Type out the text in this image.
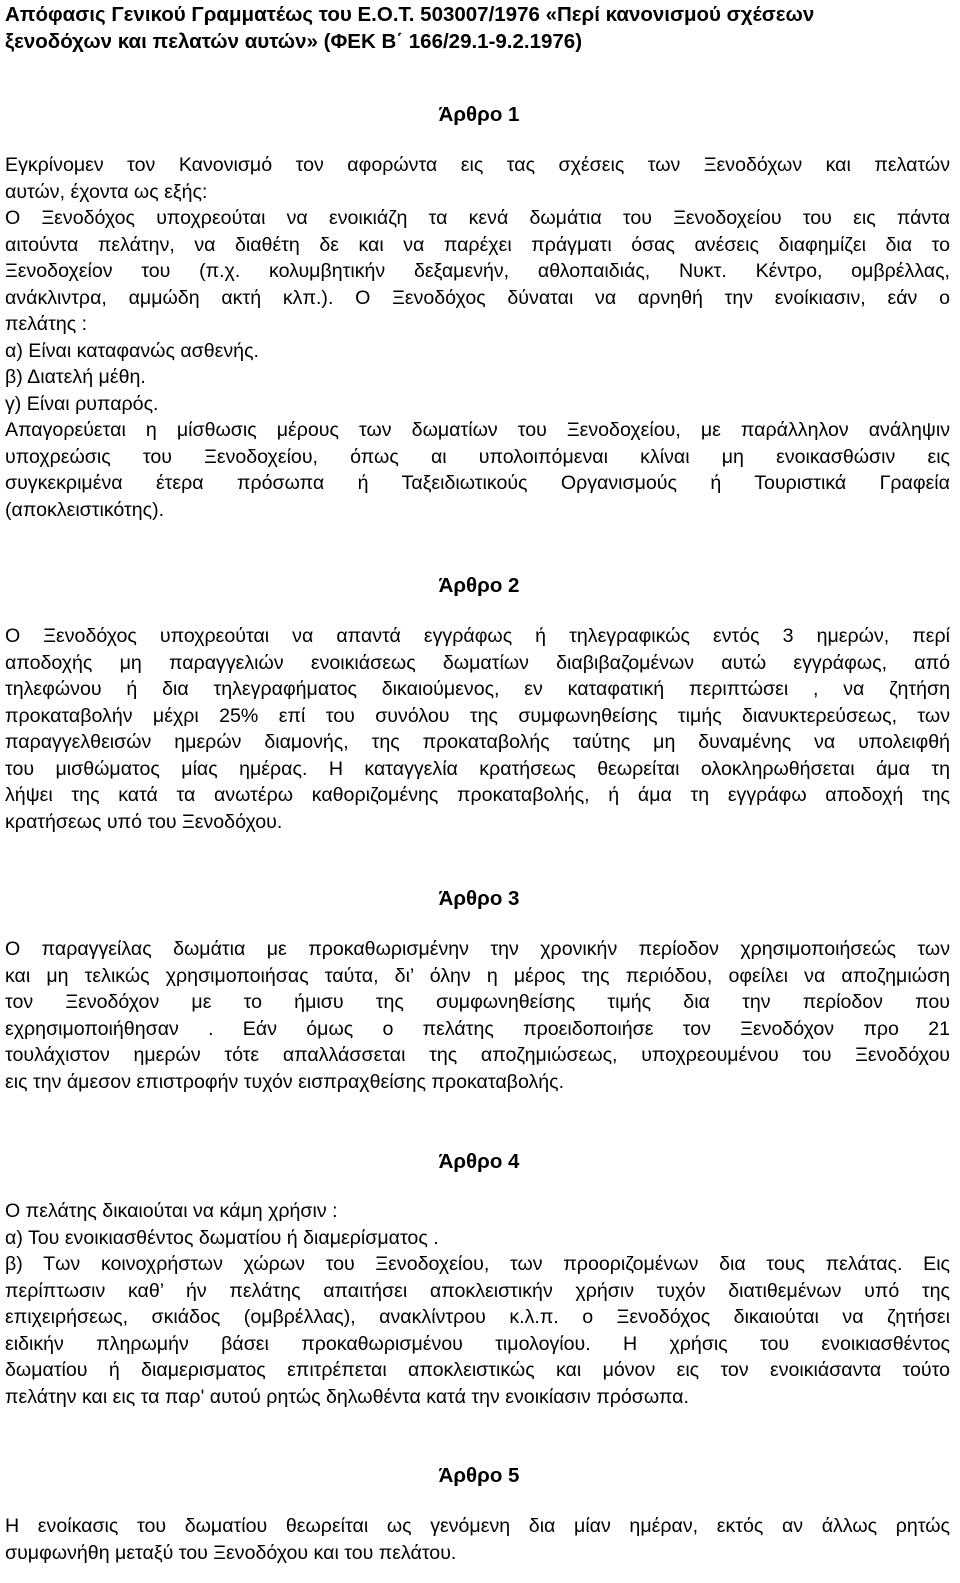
Απόφασις Γενικού Γραμματέως του Ε.Ο.Τ. 503007/1976 «Περί κανονισμού σχέσεων
ξενοδόχων και πελατών αυτών» (ΦΕΚ Β΄ 166/29.1-9.2.1976)
Άρθρο 1
Εγκρίνομεν τον Κανονισμό τον αφορώντα εις τας σχέσεις των Ξενοδόχων και πελατών
αυτών, έχοντα ως εξής:
Ο Ξενοδόχος υποχρεούται να ενοικιάζη τα κενά δωμάτια του Ξενοδοχείου του εις πάντα
αιτούντα πελάτην, να διαθέτη δε και να παρέχει πράγματι όσας ανέσεις διαφημίζει δια το
Ξενοδοχείον του (π.χ. κολυμβητικήν δεξαμενήν, αθλοπαιδιάς, Νυκτ. Κέντρο, ομβρέλλας,
ανάκλιντρα, αμμώδη ακτή κλπ.). Ο Ξενοδόχος δύναται να αρνηθή την ενοίκιασιν, εάν ο
πελάτης :
α) Είναι καταφανώς ασθενής.
β) Διατελή μέθη.
γ) Είναι ρυπαρός.
Απαγορεύεται η μίσθωσις μέρους των δωματίων του Ξενοδοχείου, με παράλληλον ανάληψιν
υποχρεώσις του Ξενοδοχείου, όπως αι υπολοιπόμεναι κλίναι μη ενοικασθώσιν εις
συγκεκριμένα έτερα πρόσωπα ή Ταξειδιωτικούς Οργανισμούς ή Τουριστικά Γραφεία
(αποκλειστικότης).
Άρθρο 2
Ο Ξενοδόχος υποχρεούται να απαντά εγγράφως ή τηλεγραφικώς εντός 3 ημερών, περί
αποδοχής μη παραγγελιών ενοικιάσεως δωματίων διαβιβαζομένων αυτώ εγγράφως, από
τηλεφώνου ή δια τηλεγραφήματος δικαιούμενος, εν καταφατική περιπτώσει , να ζητήση
προκαταβολήν μέχρι 25% επί του συνόλου της συμφωνηθείσης τιμής διανυκτερεύσεως, των
παραγγελθεισών ημερών διαμονής, της προκαταβολής ταύτης μη δυναμένης να υπολειφθή
του μισθώματος μίας ημέρας. Η καταγγελία κρατήσεως θεωρείται ολοκληρωθήσεται άμα τη
λήψει της κατά τα ανωτέρω καθοριζομένης προκαταβολής, ή άμα τη εγγράφω αποδοχή της
κρατήσεως υπό του Ξενοδόχου.
Άρθρο 3
Ο παραγγείλας δωμάτια με προκαθωρισμένην την χρονικήν περίοδον χρησιμοποιήσεώς των
και μη τελικώς χρησιμοποιήσας ταύτα, δι’ όλην η μέρος της περιόδου, οφείλει να αποζημιώση
τον Ξενοδόχον με το ήμισυ της συμφωνηθείσης τιμής δια την περίοδον που
εχρησιμοποιήθησαν . Εάν όμως ο πελάτης προειδοποιήσε τον Ξενοδόχον προ 21
τουλάχιστον ημερών τότε απαλλάσσεται της αποζημιώσεως, υποχρεουμένου του Ξενοδόχου
εις την άμεσον επιστροφήν τυχόν εισπραχθείσης προκαταβολής.
Άρθρο 4
Ο πελάτης δικαιούται να κάμη χρήσιν :
α) Του ενοικιασθέντος δωματίου ή διαμερίσματος .
β) Των κοινοχρήστων χώρων του Ξενοδοχείου, των προοριζομένων δια τους πελάτας. Εις
περίπτωσιν καθ’ ήν πελάτης απαιτήσει αποκλειστικήν χρήσιν τυχόν διατιθεμένων υπό της
επιχειρήσεως, σκιάδος (ομβρέλλας), ανακλίντρου κ.λ.π. ο Ξενοδόχος δικαιούται να ζητήσει
ειδικήν πληρωμήν βάσει προκαθωρισμένου τιμολογίου. Η χρήσις του ενοικιασθέντος
δωματίου ή διαμερισματος επιτρέπεται αποκλειστικώς και μόνον εις τον ενοικιάσαντα τούτο
πελάτην και εις τα παρ' αυτού ρητώς δηλωθέντα κατά την ενοικίασιν πρόσωπα.
Άρθρο 5
Η ενοίκασις του δωματίου θεωρείται ως γενόμενη δια μίαν ημέραν, εκτός αν άλλως ρητώς
συμφωνήθη μεταξύ του Ξενοδόχου και του πελάτου.
